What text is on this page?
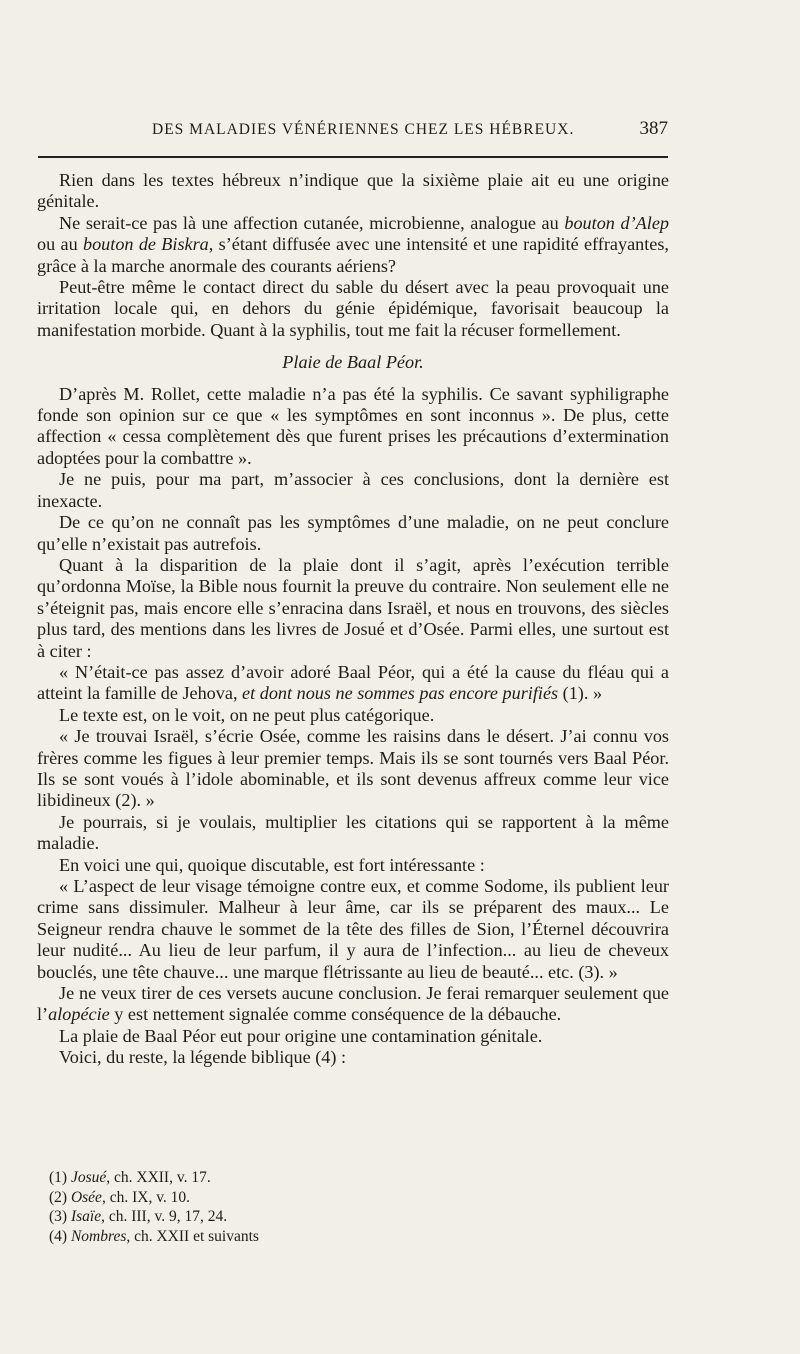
DES MALADIES VÉNÉRIENNES CHEZ LES HÉBREUX.	387

Rien dans les textes hébreux n’indique que la sixième plaie ait eu une origine génitale.

Ne serait-ce pas là une affection cutanée, microbienne, analogue au bouton d’Alep ou au bouton de Biskra, s’étant diffusée avec une intensité et une rapidité effrayantes, grâce à la marche anormale des courants aériens?

Peut-être même le contact direct du sable du désert avec la peau provoquait une irritation locale qui, en dehors du génie épidémique, favorisait beaucoup la manifestation morbide. Quant à la syphilis, tout me fait la récuser formellement.

Plaie de Baal Péor.

D’après M. Rollet, cette maladie n’a pas été la syphilis. Ce savant syphiligraphe fonde son opinion sur ce que « les symptômes en sont inconnus ». De plus, cette affection « cessa complètement dès que furent prises les précautions d’extermination adoptées pour la combattre ».

Je ne puis, pour ma part, m’associer à ces conclusions, dont la dernière est inexacte.

De ce qu’on ne connaît pas les symptômes d’une maladie, on ne peut conclure qu’elle n’existait pas autrefois.

Quant à la disparition de la plaie dont il s’agit, après l’exécution terrible qu’ordonna Moïse, la Bible nous fournit la preuve du contraire. Non seulement elle ne s’éteignit pas, mais encore elle s’enracina dans Israël, et nous en trouvons, des siècles plus tard, des mentions dans les livres de Josué et d’Osée. Parmi elles, une surtout est à citer :

« N’était-ce pas assez d’avoir adoré Baal Péor, qui a été la cause du fléau qui a atteint la famille de Jehova, et dont nous ne sommes pas encore purifiés (1). »

Le texte est, on le voit, on ne peut plus catégorique.

« Je trouvai Israël, s’écrie Osée, comme les raisins dans le désert. J’ai connu vos frères comme les figues à leur premier temps. Mais ils se sont tournés vers Baal Péor. Ils se sont voués à l’idole abominable, et ils sont devenus affreux comme leur vice libidineux (2). »

Je pourrais, si je voulais, multiplier les citations qui se rapportent à la même maladie.

En voici une qui, quoique discutable, est fort intéressante :

« L’aspect de leur visage témoigne contre eux, et comme Sodome, ils publient leur crime sans dissimuler. Malheur à leur âme, car ils se préparent des maux... Le Seigneur rendra chauve le sommet de la tête des filles de Sion, l’Éternel découvrira leur nudité... Au lieu de leur parfum, il y aura de l’infection... au lieu de cheveux bouclés, une tête chauve... une marque flétrissante au lieu de beauté... etc. (3). »

Je ne veux tirer de ces versets aucune conclusion. Je ferai remarquer seulement que l’alopécie y est nettement signalée comme conséquence de la débauche.

La plaie de Baal Péor eut pour origine une contamination génitale.

Voici, du reste, la légende biblique (4) :

(1) Josué, ch. XXII, v. 17.
(2) Osée, ch. IX, v. 10.
(3) Isaïe, ch. III, v. 9, 17, 24.
(4) Nombres, ch. XXII et suivants
